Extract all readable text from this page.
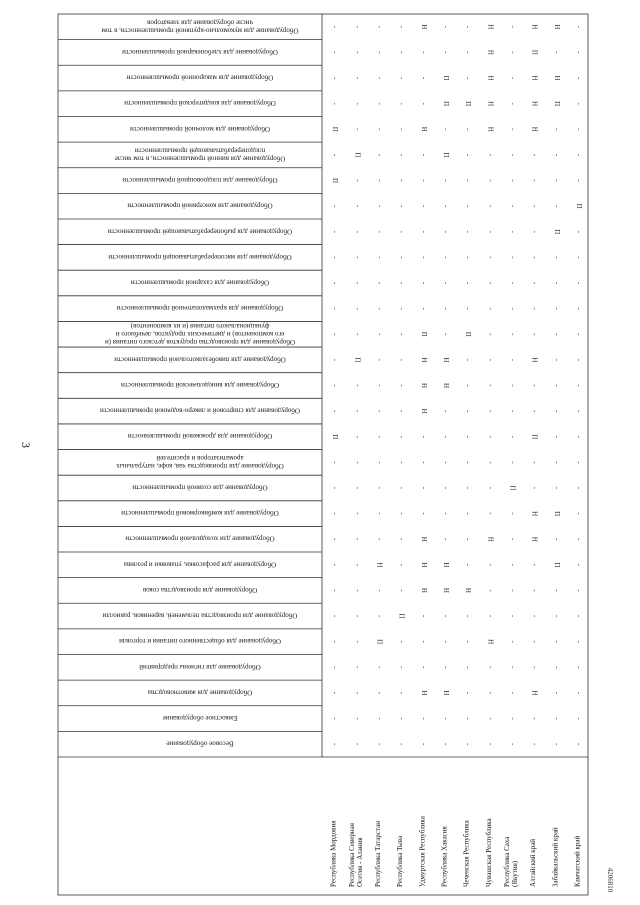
Оборудование для мукомольно-крупяной промышленности, в томчисле оборудование для элеваторов
Оборудование для хлебопекарной промышленности
Оборудование для макаронной промышленности
Оборудование для кондитерской промышленности
Оборудование для молочной промышленности
Оборудование для винной промышленности, в том числеплодоперерабатывающей промышленности
Оборудование для плодоовощной промышленности
Оборудование для консервной промышленности
Оборудование для рыбоперерабатывающей промышленности
Оборудование для мясоперерабатывающей промышленности
Оборудование для сахарной промышленности
Оборудование для крахмалопаточной промышленности
Оборудование для производства продуктов детского питания (иего компонентов) и диетических продуктов, лечебного ифункционального питания (и их компонентов)
Оборудование для пивобезалкогольной промышленности
Оборудование для винодельческой промышленности
Оборудование для спиртовой и ликеро-водочной промышленности
Оборудование для дрожжевой промышленности
Оборудование для производства чая, кофе, натуральныхароматизаторов и красителей
Оборудование для соляной промышленности
Оборудование для комбикормовой промышленности
Оборудование для холодильной промышленности
Оборудование для расфасовки, упаковки и розлива
Оборудование для производства соков
Оборудование для производства пельменей, вареников, равиолли
Оборудование для общественного питания и торговли
Оборудование для гигиены предприятий
Оборудование для животноводства
Емкостное оборудование
Весовое оборудование
Республика Мордовия Республика СевернаяОсетия - Алания Республика Татарстан Республика Тыва Удмуртская Республика Республика Хакасия Чеченская Республика Чувашская Республика Республика Саха(Якутия) Алтайский край Забайкальский край Камчатский край
-
-
-
-
П
-
П
-
-
-
-
-
-
-
-
-
П
-
-
-
-
-
-
-
-
-
-
-
-
-
-
-
-
-
П
-
-
-
-
-
-
-
П
-
-
-
-
-
-
-
-
-
-
-
-
-
-
-
-
-
-
-
-
-
-
-
-
-
-
-
-
-
-
-
-
-
-
-
-
Н
-
-
П
-
-
-
-
-
-
-
-
-
-
-
-
-
-
-
-
-
-
-
-
-
-
-
-
-
-
-
П
-
-
-
-
-
Н
-
-
-
Н
-
-
-
-
-
-
-
П
Н
Н
Н
-
-
-
-
Н
Н
Н
-
-
-
Н
-
-
-
-
П
П
-
П
-
-
-
-
-
-
-
Н
Н
-
-
-
-
-
-
Н
Н
-
-
-
Н
-
-
-
-
-
П
-
-
-
-
-
-
-
-
П
-
-
-
-
-
-
-
-
-
Н
-
-
-
-
-
-
Н
Н
Н
Н
Н
-
-
-
-
-
-
-
-
-
-
-
-
-
-
-
Н
-
-
-
Н
-
-
-
-
-
-
-
-
-
-
-
-
-
-
-
-
-
-
-
-
-
-
П
-
-
-
-
-
-
-
-
-
-
Н
П
Н
Н
Н
-
-
-
-
-
-
-
-
Н
-
-
П
-
-
Н
Н
-
-
-
-
-
Н
-
-
Н
-
Н
П
-
-
-
-
П
-
-
-
-
-
-
-
-
-
-
П
-
П
-
-
-
-
-
-
-
-
-
-
-
-
-
-
П
-
-
-
-
-
-
-
-
-
-
-
-
-
-
-
-
-
-
-
-
-
3
4206810
